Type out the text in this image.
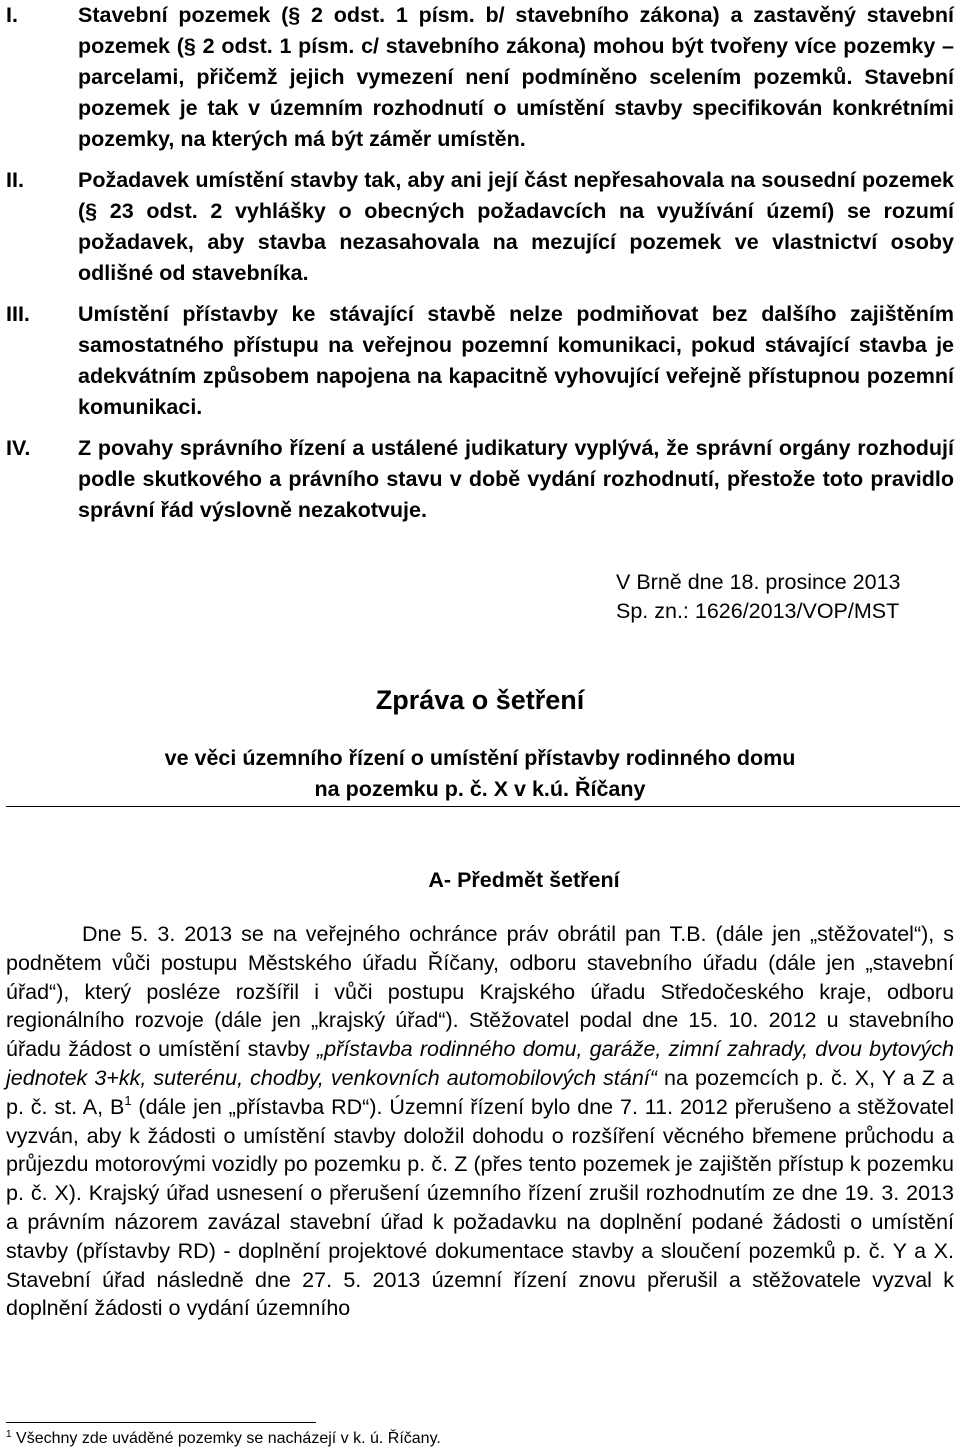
I.	Stavební pozemek (§ 2 odst. 1 písm. b/ stavebního zákona) a zastavěný stavební pozemek (§ 2 odst. 1 písm. c/ stavebního zákona) mohou být tvořeny více pozemky – parcelami, přičemž jejich vymezení není podmíněno scelením pozemků. Stavební pozemek je tak v územním rozhodnutí o umístění stavby specifikován konkrétními pozemky, na kterých má být záměr umístěn.

II.	Požadavek umístění stavby tak, aby ani její část nepřesahovala na sousední pozemek (§ 23 odst. 2 vyhlášky o obecných požadavcích na využívání území) se rozumí požadavek, aby stavba nezasahovala na mezující pozemek ve vlastnictví osoby odlišné od stavebníka.

III.	Umístění přístavby ke stávající stavbě nelze podmiňovat bez dalšího zajištěním samostatného přístupu na veřejnou pozemní komunikaci, pokud stávající stavba je adekvátním způsobem napojena na kapacitně vyhovující veřejně přístupnou pozemní komunikaci.

IV.	Z povahy správního řízení a ustálené judikatury vyplývá, že správní orgány rozhodují podle skutkového a právního stavu v době vydání rozhodnutí, přestože toto pravidlo správní řád výslovně nezakotvuje.

V Brně dne 18. prosince 2013
Sp. zn.: 1626/2013/VOP/MST
Zpráva o šetření
ve věci územního řízení o umístění přístavby rodinného domu
na pozemku p. č. X v k.ú. Říčany
A- Předmět šetření
Dne 5. 3. 2013 se na veřejného ochránce práv obrátil pan T.B. (dále jen „stěžovatel“), s podnětem vůči postupu Městského úřadu Říčany, odboru stavebního úřadu (dále jen „stavební úřad“), který posléze rozšířil i vůči postupu Krajského úřadu Středočeského kraje, odboru regionálního rozvoje (dále jen „krajský úřad“). Stěžovatel podal dne 15. 10. 2012 u stavebního úřadu žádost o umístění stavby „přístavba rodinného domu, garáže, zimní zahrady, dvou bytových jednotek 3+kk, suterénu, chodby, venkovních automobilových stání“ na pozemcích p. č. X, Y a Z a p. č. st. A, $B^1$ (dále jen „přístavba RD“). Územní řízení bylo dne 7. 11. 2012 přerušeno a stěžovatel vyzván, aby k žádosti o umístění stavby doložil dohodu o rozšíření věcného břemene průchodu a průjezdu motorovými vozidly po pozemku p. č. Z (přes tento pozemek je zajištěn přístup k pozemku p. č. X). Krajský úřad usnesení o přerušení územního řízení zrušil rozhodnutím ze dne 19. 3. 2013 a právním názorem zavázal stavební úřad k požadavku na doplnění podané žádosti o umístění stavby (přístavby RD) - doplnění projektové dokumentace stavby a sloučení pozemků p. č. Y a X. Stavební úřad následně dne 27. 5. 2013 územní řízení znovu přerušil a stěžovatele vyzval k doplnění žádosti o vydání územního
$^1$ Všechny zde uváděné pozemky se nacházejí v k. ú. Říčany.
